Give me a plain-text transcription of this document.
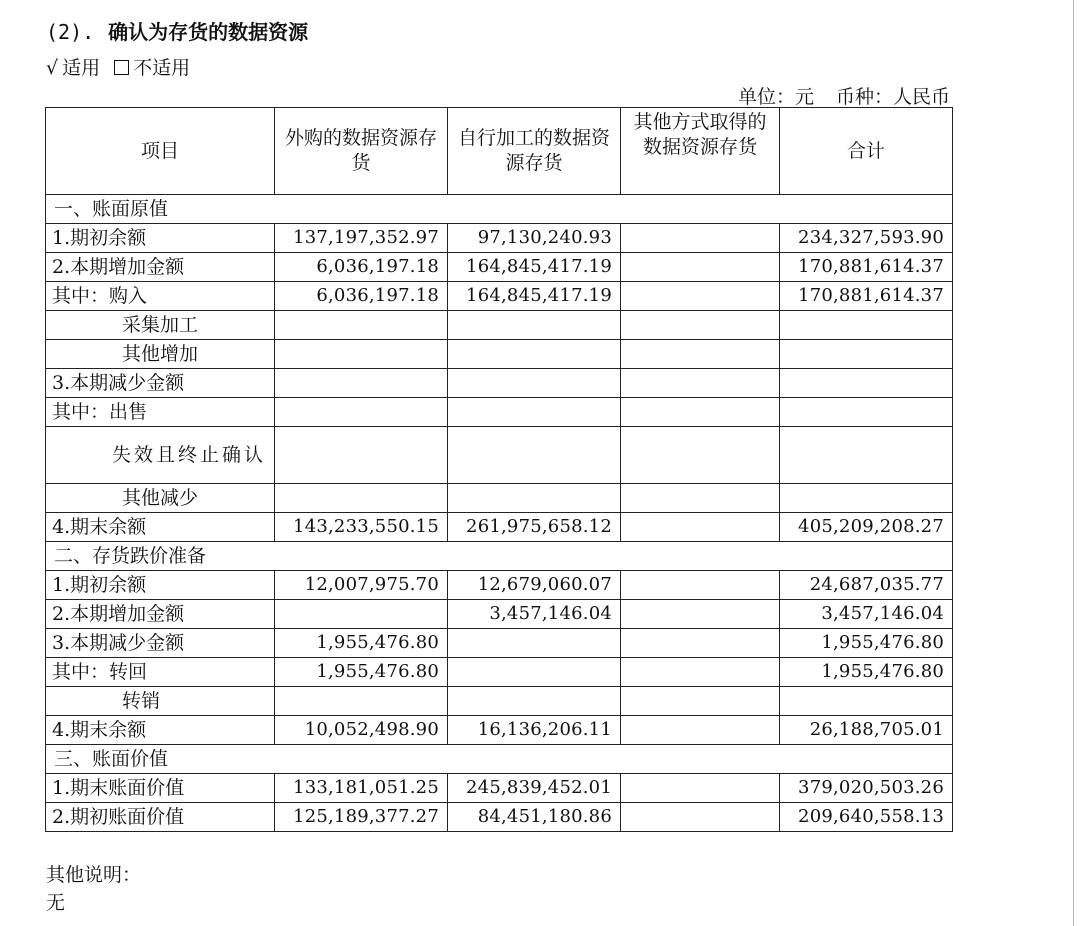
(2). 确认为存货的数据资源
√ 适用 不适用
单位：元 币种：人民币
项目	外购的数据资源存货	自行加工的数据资源存货	其他方式取得的数据资源存货	合计
一、账面原值				
1.期初余额	137,197,352.97	97,130,240.93		234,327,593.90
2.本期增加金额	6,036,197.18	164,845,417.19		170,881,614.37
其中：购入	6,036,197.18	164,845,417.19		170,881,614.37
采集加工				
其他增加				
3.本期减少金额				
其中：出售				
失效且终止确认				
其他减少				
4.期末余额	143,233,550.15	261,975,658.12		405,209,208.27
二、存货跌价准备				
1.期初余额	12,007,975.70	12,679,060.07		24,687,035.77
2.本期增加金额		3,457,146.04		3,457,146.04
3.本期减少金额	1,955,476.80			1,955,476.80
其中：转回	1,955,476.80			1,955,476.80
转销				
4.期末余额	10,052,498.90	16,136,206.11		26,188,705.01
三、账面价值				
1.期末账面价值	133,181,051.25	245,839,452.01		379,020,503.26
2.期初账面价值	125,189,377.27	84,451,180.86		209,640,558.13
其他说明：
无
